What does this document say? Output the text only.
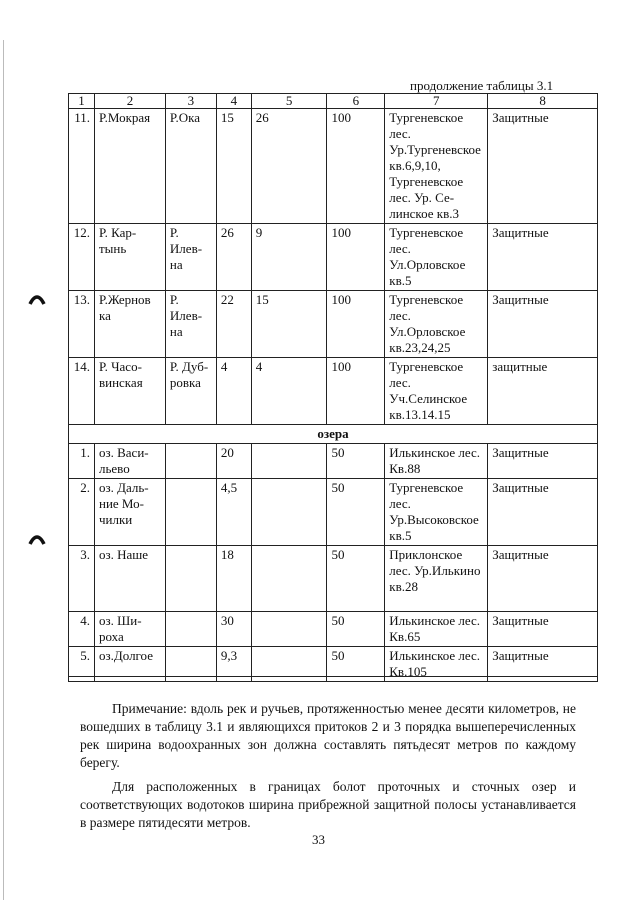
продолжение таблицы 3.1
1	2	3	4	5	6	7	8
11.	Р.Мокрая	Р.Ока	15	26	100	Тургеневское лес. Ур.Тургеневское кв.6,9,10, Тургеневское лес. Ур. Се- линское кв.3	Защитные
12.	Р. Кар- тынь	Р. Илев- на	26	9	100	Тургеневское лес. Ул.Орловское кв.5	Защитные
13.	Р.Жернов ка	Р. Илев- на	22	15	100	Тургеневское лес. Ул.Орловское кв.23,24,25	Защитные
14.	Р. Часо- винская	Р. Дуб- ровка	4	4	100	Тургеневское лес. Уч.Селинское кв.13.14.15	защитные
озера							
1.	оз. Васи- льево		20		50	Илькинское лес. Кв.88	Защитные
2.	оз. Даль- ние Мо- чилки		4,5		50	Тургеневское лес. Ур.Высоковское кв.5	Защитные
3.	оз. Наше		18		50	Приклонское лес. Ур.Илькино кв.28	Защитные
4.	оз. Ши- роха		30		50	Илькинское лес. Кв.65	Защитные
5.	оз.Долгое		9,3		50	Илькинское лес. Кв.105	Защитные

Примечание: вдоль рек и ручьев, протяженностью менее десяти километров, не вошедших в таблицу 3.1 и являющихся притоков 2 и 3 порядка вышеперечисленных рек ширина водоохранных зон должна составлять пятьдесят метров по каждому берегу.

Для расположенных в границах болот проточных и сточных озер и соответствующих водотоков ширина прибрежной защитной полосы устанавливается в размере пятидесяти метров.

33
